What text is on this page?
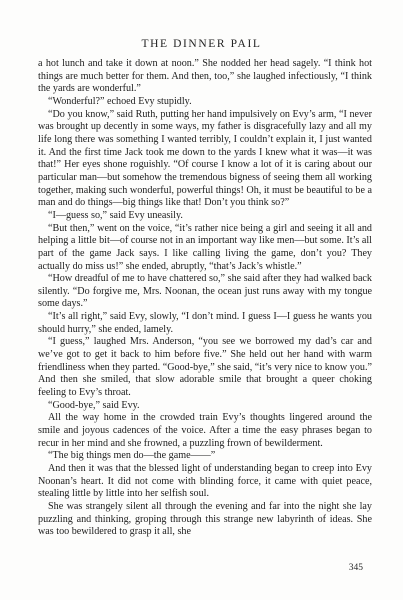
THE DINNER PAIL

a hot lunch and take it down at noon.” She nodded her head sagely. “I think hot things are much better for them. And then, too,” she laughed infectiously, “I think the yards are wonderful.”

“Wonderful?” echoed Evy stupidly.

“Do you know,” said Ruth, putting her hand impulsively on Evy’s arm, “I never was brought up decently in some ways, my father is disgracefully lazy and all my life long there was something I wanted terribly, I couldn’t explain it, I just wanted it. And the first time Jack took me down to the yards I knew what it was—it was that!” Her eyes shone roguishly. “Of course I know a lot of it is caring about our particular man—but somehow the tremendous bigness of seeing them all working together, making such wonderful, powerful things! Oh, it must be beautiful to be a man and do things—big things like that! Don’t you think so?”

“I—guess so,” said Evy uneasily.

“But then,” went on the voice, “it’s rather nice being a girl and seeing it all and helping a little bit—of course not in an important way like men—but some. It’s all part of the game Jack says. I like calling living the game, don’t you? They actually do miss us!” she ended, abruptly, “that’s Jack’s whistle.”

“How dreadful of me to have chattered so,” she said after they had walked back silently. “Do forgive me, Mrs. Noonan, the ocean just runs away with my tongue some days.”

“It’s all right,” said Evy, slowly, “I don’t mind. I guess I—I guess he wants you should hurry,” she ended, lamely.

“I guess,” laughed Mrs. Anderson, “you see we borrowed my dad’s car and we’ve got to get it back to him before five.” She held out her hand with warm friendliness when they parted. “Good-bye,” she said, “it’s very nice to know you.” And then she smiled, that slow adorable smile that brought a queer choking feeling to Evy’s throat.

“Good-bye,” said Evy.

All the way home in the crowded train Evy’s thoughts lingered around the smile and joyous cadences of the voice. After a time the easy phrases began to recur in her mind and she frowned, a puzzling frown of bewilderment.

“The big things men do—the game——”

And then it was that the blessed light of understanding began to creep into Evy Noonan’s heart. It did not come with blinding force, it came with quiet peace, stealing little by little into her selfish soul.

She was strangely silent all through the evening and far into the night she lay puzzling and thinking, groping through this strange new labyrinth of ideas. She was too bewildered to grasp it all, she

345
